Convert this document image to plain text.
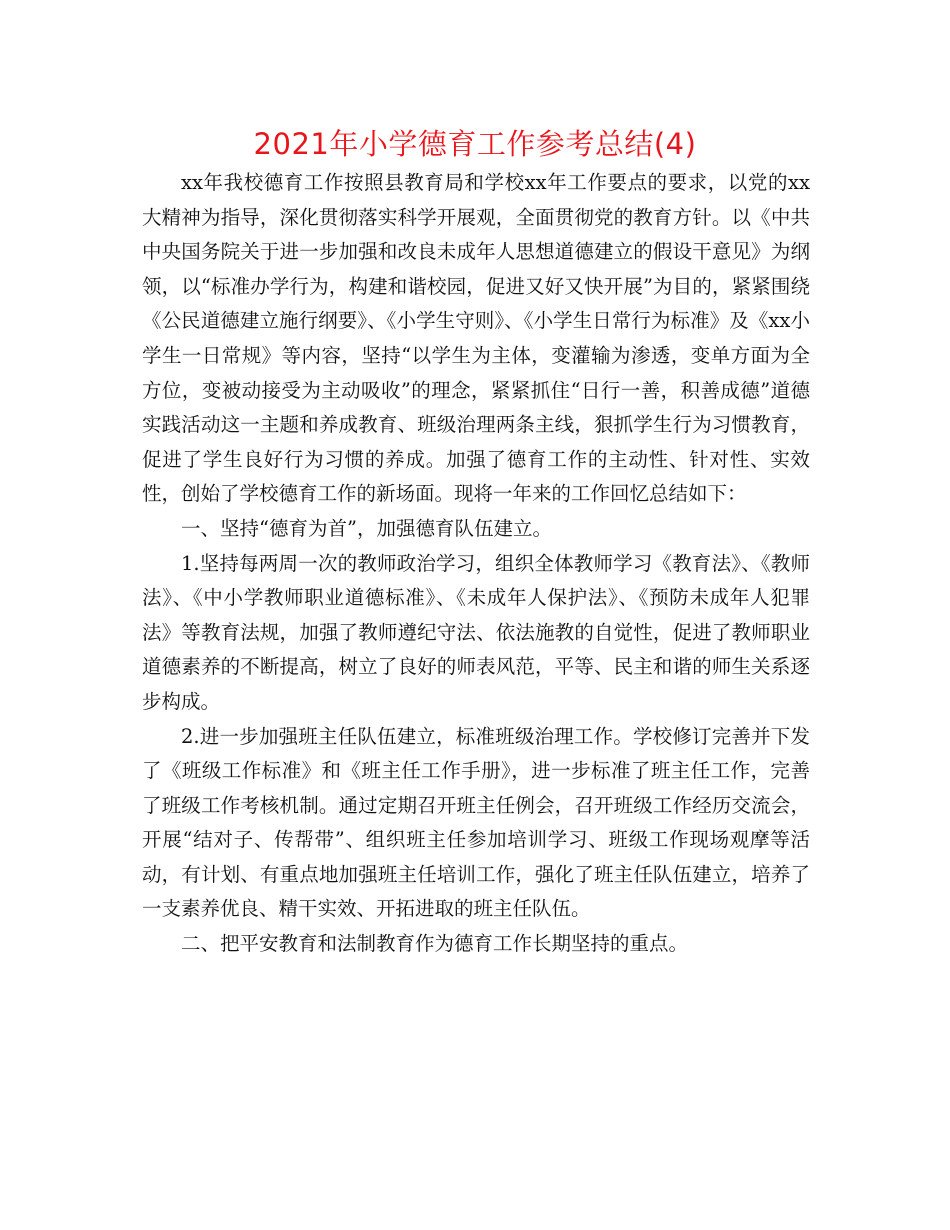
2021年小学德育工作参考总结(4)

xx年我校德育工作按照县教育局和学校xx年工作要点的要求，以党的xx大精神为指导，深化贯彻落实科学开展观，全面贯彻党的教育方针。以《中共中央国务院关于进一步加强和改良未成年人思想道德建立的假设干意见》为纲领，以“标准办学行为，构建和谐校园，促进又好又快开展”为目的，紧紧围绕《公民道德建立施行纲要》、《小学生守则》、《小学生日常行为标准》及《xx小学生一日常规》等内容，坚持“以学生为主体，变灌输为渗透，变单方面为全方位，变被动接受为主动吸收”的理念，紧紧抓住“日行一善，积善成德”道德实践活动这一主题和养成教育、班级治理两条主线，狠抓学生行为习惯教育，促进了学生良好行为习惯的养成。加强了德育工作的主动性、针对性、实效性，创始了学校德育工作的新场面。现将一年来的工作回忆总结如下：

一、坚持“德育为首”，加强德育队伍建立。

1.坚持每两周一次的教师政治学习，组织全体教师学习《教育法》、《教师法》、《中小学教师职业道德标准》、《未成年人保护法》、《预防未成年人犯罪法》等教育法规，加强了教师遵纪守法、依法施教的自觉性，促进了教师职业道德素养的不断提高，树立了良好的师表风范，平等、民主和谐的师生关系逐步构成。

2.进一步加强班主任队伍建立，标准班级治理工作。学校修订完善并下发了《班级工作标准》和《班主任工作手册》，进一步标准了班主任工作，完善了班级工作考核机制。通过定期召开班主任例会，召开班级工作经历交流会，开展“结对子、传帮带”、组织班主任参加培训学习、班级工作现场观摩等活动，有计划、有重点地加强班主任培训工作，强化了班主任队伍建立，培养了一支素养优良、精干实效、开拓进取的班主任队伍。

二、把平安教育和法制教育作为德育工作长期坚持的重点。
